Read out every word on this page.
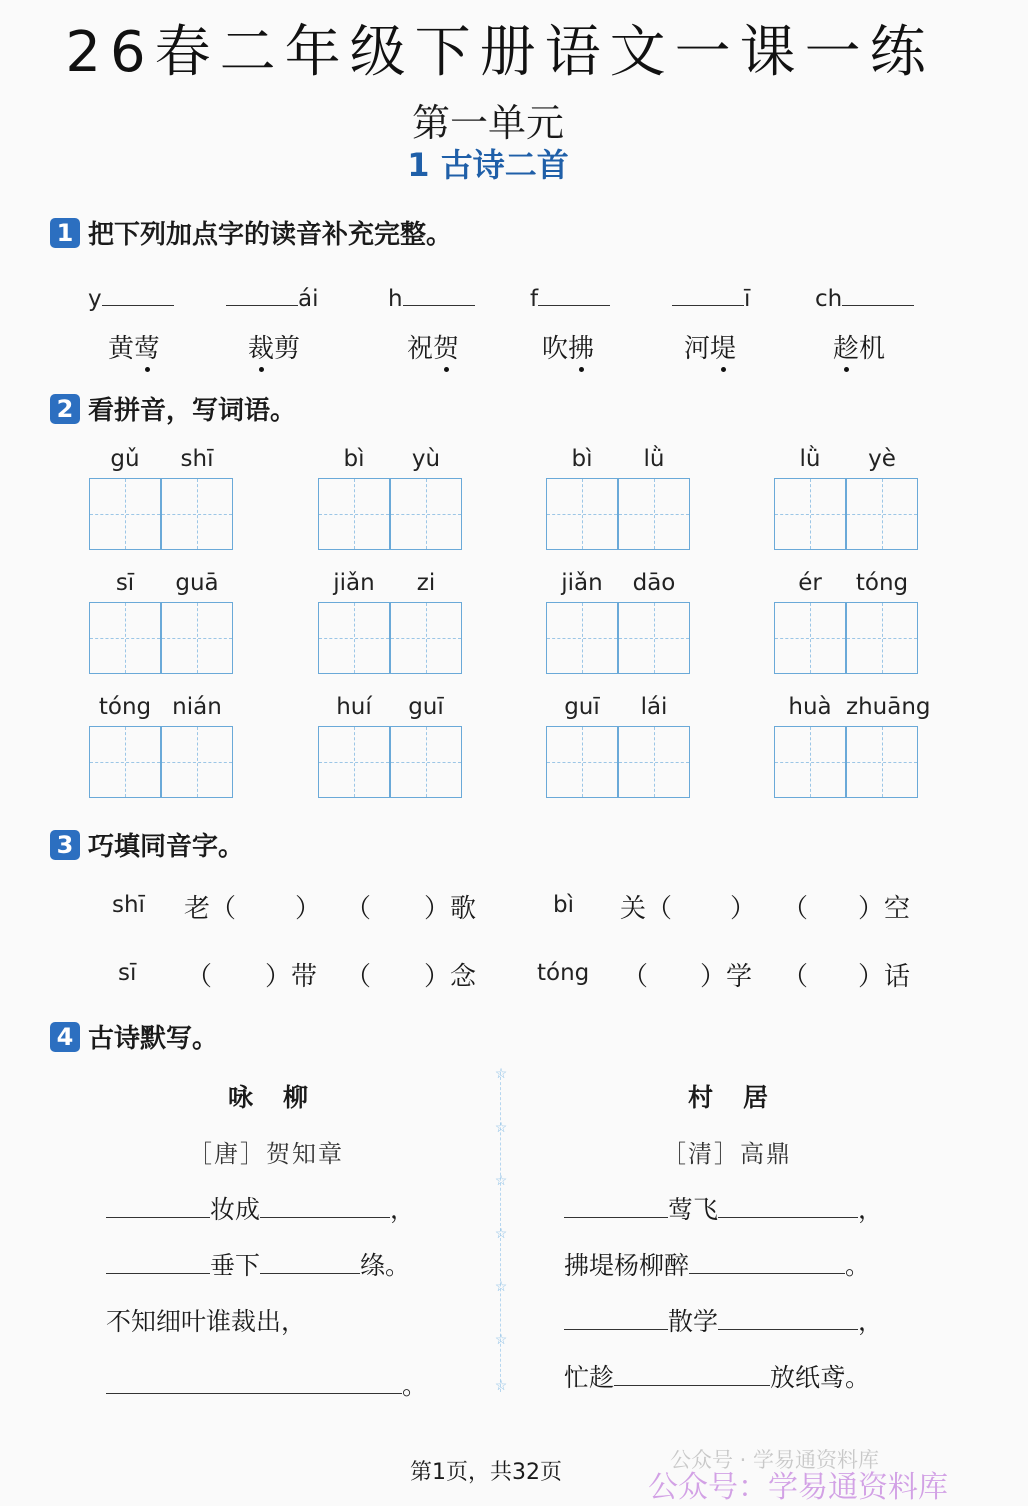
26春二年级下册语文一课一练
第一单元
1 古诗二首
1 把下列加点字的读音补充完整。
y	ái	h	f	ī	ch
黄莺	裁剪	祝贺	吹拂	河堤	趁机
2 看拼音，写词语。
gǔ	shī	bì	yù	bì	lǜ	lǜ	yè
sī	guā	jiǎn	zi	jiǎn	dāo	ér	tóng
tóng nián	huí	guī	guī	lái	huà zhuāng
3 巧填同音字。
shī 老（ ） （ ）歌	bì 关（ ） （ ）空
sī （ ）带 （ ）念	tóng （ ）学 （ ）话
4 古诗默写。
咏柳
［唐］贺知章
妆成	，
垂下	绦。
不知细叶谁裁出，
。
☆
☆
☆
☆
☆
☆
☆
村居
［清］高鼎
莺飞	，
拂堤杨柳醉	。
散学	，
忙趁	放纸鸢。
第1页，共32页	公众号 · 学易通资料库
公众号：学易通资料库
